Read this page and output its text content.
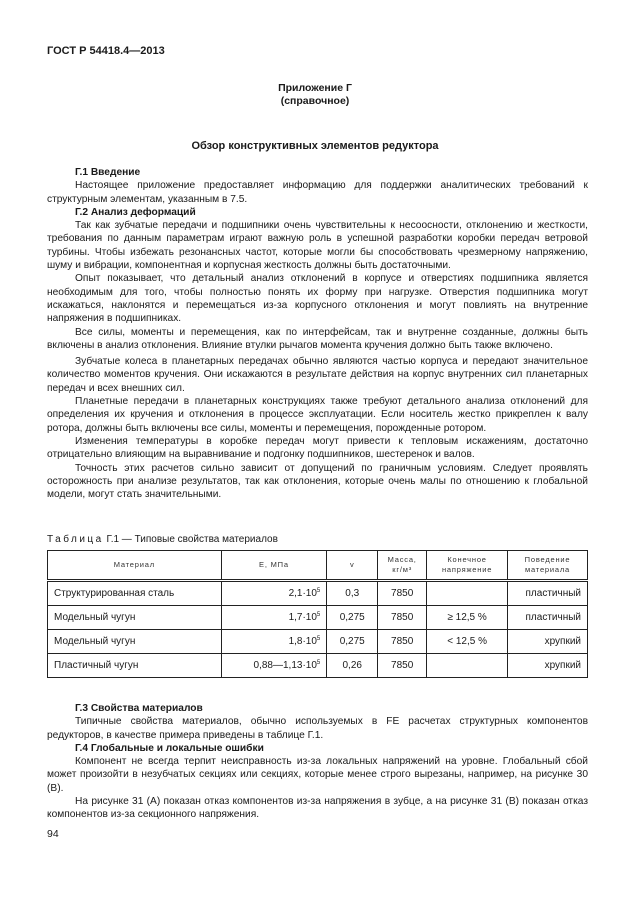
ГОСТ Р 54418.4—2013
Приложение Г
(справочное)
Обзор конструктивных элементов редуктора
Г.1 Введение

Настоящее приложение предоставляет информацию для поддержки аналитических требований к структурным элементам, указанным в 7.5.

Г.2 Анализ деформаций

Так как зубчатые передачи и подшипники очень чувствительны к несоосности, отклонению и жесткости, требования по данным параметрам играют важную роль в успешной разработки коробки передач ветровой турбины. Чтобы избежать резонансных частот, которые могли бы способствовать чрезмерному напряжению, шуму и вибрации, компонентная и корпусная жесткость должны быть достаточными.

Опыт показывает, что детальный анализ отклонений в корпусе и отверстиях подшипника является необходимым для того, чтобы полностью понять их форму при нагрузке. Отверстия подшипника могут искажаться, наклонятся и перемещаться из-за корпусного отклонения и могут повлиять на внутренние напряжения в подшипниках.

Все силы, моменты и перемещения, как по интерфейсам, так и внутренне созданные, должны быть включены в анализ отклонения. Влияние втулки рычагов момента кручения должно быть также включено.

Зубчатые колеса в планетарных передачах обычно являются частью корпуса и передают значительное количество моментов кручения. Они искажаются в результате действия на корпус внутренних сил планетарных передач и всех внешних сил.

Планетные передачи в планетарных конструкциях также требуют детального анализа отклонений для определения их кручения и отклонения в процессе эксплуатации. Если носитель жестко прикреплен к валу ротора, должны быть включены все силы, моменты и перемещения, порожденные ротором.

Изменения температуры в коробке передач могут привести к тепловым искажениям, достаточно отрицательно влияющим на выравнивание и подгонку подшипников, шестеренок и валов.

Точность этих расчетов сильно зависит от допущений по граничным условиям. Следует проявлять осторожность при анализе результатов, так как отклонения, которые очень малы по отношению к глобальной модели, могут стать значительными.

Таблица Г.1 — Типовые свойства материалов
Материал	E, МПа	v	Масса, кг/м³	Конечное напряжение	Поведение материала
Структурированная сталь	$2,1\cdot 10^5$	0,3	7850		пластичный
Модельный чугун	$1,7\cdot 10^5$	0,275	7850	≥ 12,5 %	пластичный
Модельный чугун	$1,8\cdot 10^5$	0,275	7850	< 12,5 %	хрупкий
Пластичный чугун	$0,88—1,13\cdot 10^5$	0,26	7850		хрупкий
Г.3 Свойства материалов

Типичные свойства материалов, обычно используемых в FE расчетах структурных компонентов редукторов, в качестве примера приведены в таблице Г.1.

Г.4 Глобальные и локальные ошибки

Компонент не всегда терпит неисправность из-за локальных напряжений на уровне. Глобальный сбой может произойти в незубчатых секциях или секциях, которые менее строго вырезаны, например, на рисунке 30 (В).

На рисунке 31 (А) показан отказ компонентов из-за напряжения в зубце, а на рисунке 31 (В) показан отказ компонентов из-за секционного напряжения.

94
